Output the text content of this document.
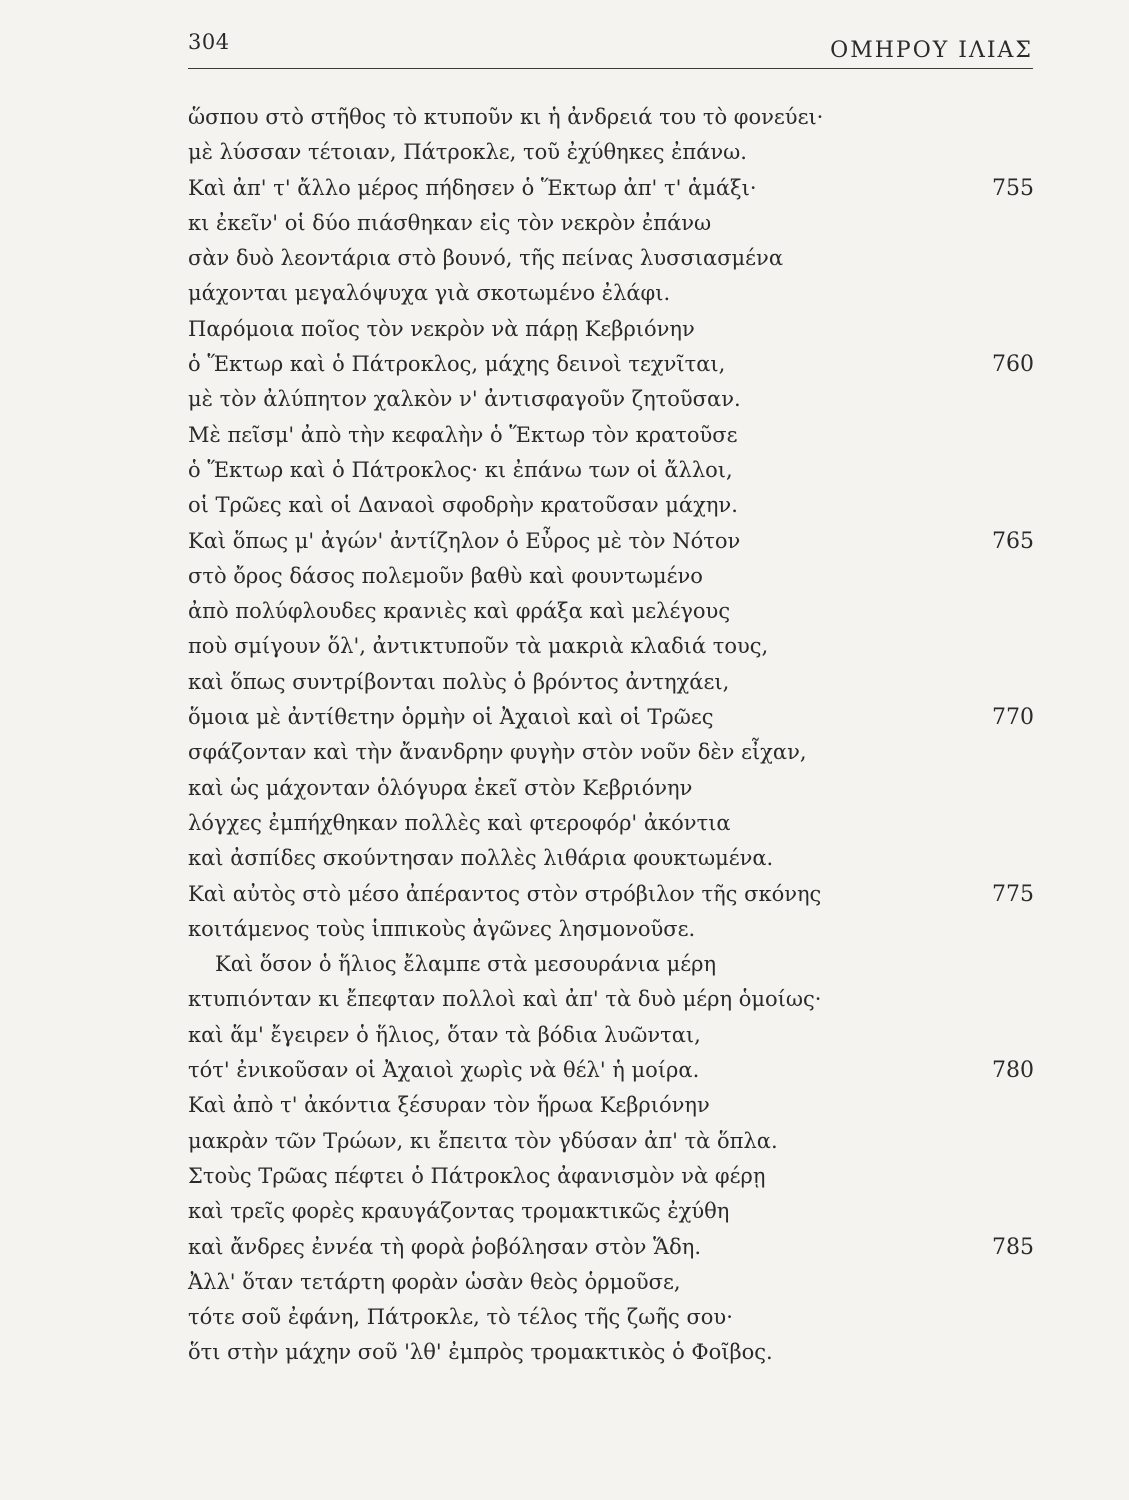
304	ΟΜΗΡΟΥ ΙΛΙΑΣ
ὥσπου στὸ στῆθος τὸ κτυποῦν κι ἡ ἀνδρειά του τὸ φονεύει·
μὲ λύσσαν τέτοιαν, Πάτροκλε, τοῦ ἐχύθηκες ἐπάνω.
Καὶ ἀπ' τ' ἄλλο μέρος πήδησεν ὁ Ἕκτωρ ἀπ' τ' ἁμάξι·	755
κι ἐκεῖν' οἱ δύο πιάσθηκαν εἰς τὸν νεκρὸν ἐπάνω
σὰν δυὸ λεοντάρια στὸ βουνό, τῆς πείνας λυσσιασμένα
μάχονται μεγαλόψυχα γιὰ σκοτωμένο ἐλάφι.
Παρόμοια ποῖος τὸν νεκρὸν νὰ πάρῃ Κεβριόνην
ὁ Ἕκτωρ καὶ ὁ Πάτροκλος, μάχης δεινοὶ τεχνῖται,	760
μὲ τὸν ἀλύπητον χαλκὸν ν' ἀντισφαγοῦν ζητοῦσαν.
Μὲ πεῖσμ' ἀπὸ τὴν κεφαλὴν ὁ Ἕκτωρ τὸν κρατοῦσε
ὁ Ἕκτωρ καὶ ὁ Πάτροκλος· κι ἐπάνω των οἱ ἄλλοι,
οἱ Τρῶες καὶ οἱ Δαναοὶ σφοδρὴν κρατοῦσαν μάχην.
Καὶ ὅπως μ' ἀγών' ἀντίζηλον ὁ Εὖρος μὲ τὸν Νότον	765
στὸ ὄρος δάσος πολεμοῦν βαθὺ καὶ φουντωμένο
ἀπὸ πολύφλουδες κρανιὲς καὶ φράξα καὶ μελέγους
ποὺ σμίγουν ὅλ', ἀντικτυποῦν τὰ μακριὰ κλαδιά τους,
καὶ ὅπως συντρίβονται πολὺς ὁ βρόντος ἀντηχάει,
ὅμοια μὲ ἀντίθετην ὁρμὴν οἱ Ἀχαιοὶ καὶ οἱ Τρῶες	770
σφάζονταν καὶ τὴν ἄνανδρην φυγὴν στὸν νοῦν δὲν εἶχαν,
καὶ ὡς μάχονταν ὁλόγυρα ἐκεῖ στὸν Κεβριόνην
λόγχες ἐμπήχθηκαν πολλὲς καὶ φτεροφόρ' ἀκόντια
καὶ ἀσπίδες σκούντησαν πολλὲς λιθάρια φουκτωμένα.
Καὶ αὐτὸς στὸ μέσο ἀπέραντος στὸν στρόβιλον τῆς σκόνης	775
κοιτάμενος τοὺς ἱππικοὺς ἀγῶνες λησμονοῦσε.
Καὶ ὅσον ὁ ἥλιος ἔλαμπε στὰ μεσουράνια μέρη
κτυπιόνταν κι ἔπεφταν πολλοὶ καὶ ἀπ' τὰ δυὸ μέρη ὁμοίως·
καὶ ἅμ' ἔγειρεν ὁ ἥλιος, ὅταν τὰ βόδια λυῶνται,
τότ' ἐνικοῦσαν οἱ Ἀχαιοὶ χωρὶς νὰ θέλ' ἡ μοίρα.	780
Καὶ ἀπὸ τ' ἀκόντια ξέσυραν τὸν ἥρωα Κεβριόνην
μακρὰν τῶν Τρώων, κι ἔπειτα τὸν γδύσαν ἀπ' τὰ ὅπλα.
Στοὺς Τρῶας πέφτει ὁ Πάτροκλος ἀφανισμὸν νὰ φέρῃ
καὶ τρεῖς φορὲς κραυγάζοντας τρομακτικῶς ἐχύθη
καὶ ἄνδρες ἐννέα τὴ φορὰ ῥοβόλησαν στὸν Ἅδη.	785
Ἀλλ' ὅταν τετάρτη φορὰν ὡσὰν θεὸς ὁρμοῦσε,
τότε σοῦ ἐφάνη, Πάτροκλε, τὸ τέλος τῆς ζωῆς σου·
ὅτι στὴν μάχην σοῦ 'λθ' ἐμπρὸς τρομακτικὸς ὁ Φοῖβος.
